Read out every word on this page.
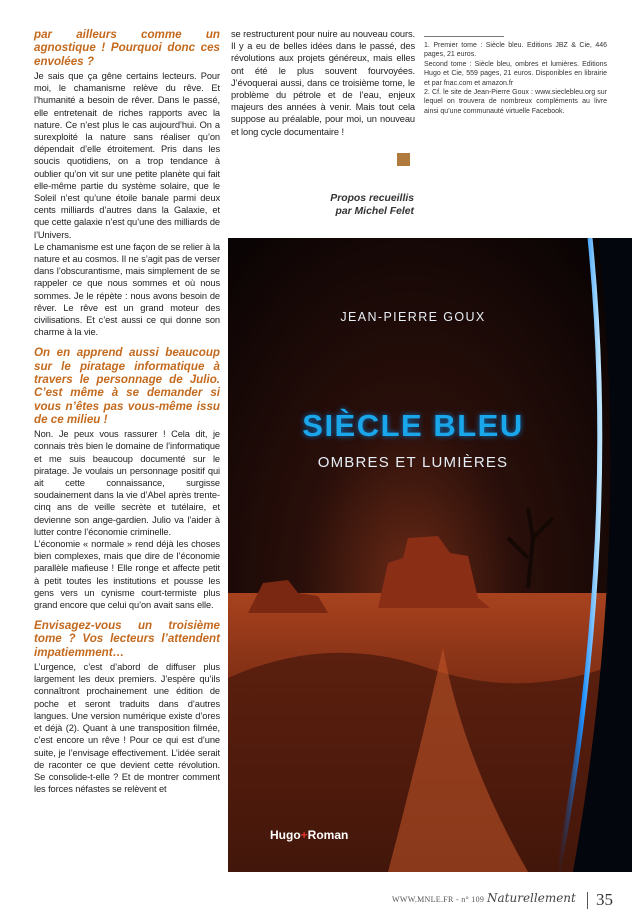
par ailleurs comme un agnostique ! Pourquoi donc ces envolées ?

Je sais que ça gêne certains lecteurs. Pour moi, le chamanisme relève du rêve. Et l’humanité a besoin de rêver. Dans le passé, elle entretenait de riches rapports avec la nature. Ce n’est plus le cas aujourd’hui. On a surexploité la nature sans réaliser qu’on dépendait d’elle étroitement. Pris dans les soucis quotidiens, on a trop tendance à oublier qu’on vit sur une petite planète qui fait elle-même partie du système solaire, que le Soleil n’est qu’une étoile banale parmi deux cents milliards d’autres dans la Galaxie, et que cette galaxie n’est qu’une des milliards de l’Univers.

Le chamanisme est une façon de se relier à la nature et au cosmos. Il ne s’agit pas de verser dans l’obscurantisme, mais simplement de se rappeler ce que nous sommes et où nous sommes. Je le répète : nous avons besoin de rêver. Le rêve est un grand moteur des civilisations. Et c’est aussi ce qui donne son charme à la vie.

On en apprend aussi beaucoup sur le piratage informatique à travers le personnage de Julio. C’est même à se demander si vous n’êtes pas vous-même issu de ce milieu !

Non. Je peux vous rassurer ! Cela dit, je connais très bien le domaine de l’informatique et me suis beaucoup documenté sur le piratage. Je voulais un personnage positif qui ait cette connaissance, surgisse soudainement dans la vie d’Abel après trente-cinq ans de veille secrète et tutélaire, et devienne son ange-gardien. Julio va l’aider à lutter contre l’économie criminelle.

L’économie « normale » rend déjà les choses bien complexes, mais que dire de l’économie parallèle mafieuse ! Elle ronge et affecte petit à petit toutes les institutions et pousse les gens vers un cynisme court-termiste plus grand encore que celui qu’on avait sans elle.

Envisagez-vous un troisième tome ? Vos lecteurs l’attendent impatiemment…

L’urgence, c’est d’abord de diffuser plus largement les deux premiers. J’espère qu’ils connaîtront prochainement une édition de poche et seront traduits dans d’autres langues. Une version numérique existe d’ores et déjà (2). Quant à une transposition filmée, c’est encore un rêve ! Pour ce qui est d’une suite, je l’envisage effectivement. L’idée serait de raconter ce que devient cette révolution. Se consolide-t-elle ? Et de montrer comment les forces néfastes se relèvent et

se restructurent pour nuire au nouveau cours. Il y a eu de belles idées dans le passé, des révolutions aux projets généreux, mais elles ont été le plus souvent fourvoyées. J’évoquerai aussi, dans ce troisième tome, le problème du pétrole et de l’eau, enjeux majeurs des années à venir. Mais tout cela suppose au préalable, pour moi, un nouveau et long cycle documentaire !

Propos recueillis
par Michel Felet

1. Premier tome : Siècle bleu. Editions JBZ & Cie, 446 pages, 21 euros.

Second tome : Siècle bleu, ombres et lumières. Editions Hugo et Cie, 559 pages, 21 euros. Disponibles en librairie et par fnac.com et amazon.fr

2. Cf. le site de Jean-Pierre Goux : www.sieclebleu.org sur lequel on trouvera de nombreux compléments au livre ainsi qu’une communauté virtuelle Facebook.

JEAN-PIERRE GOUX
SIÈCLE BLEU
OMBRES ET LUMIÈRES
Hugo+Roman
WWW.MNLE.FR - n° 109 Naturellement 35
